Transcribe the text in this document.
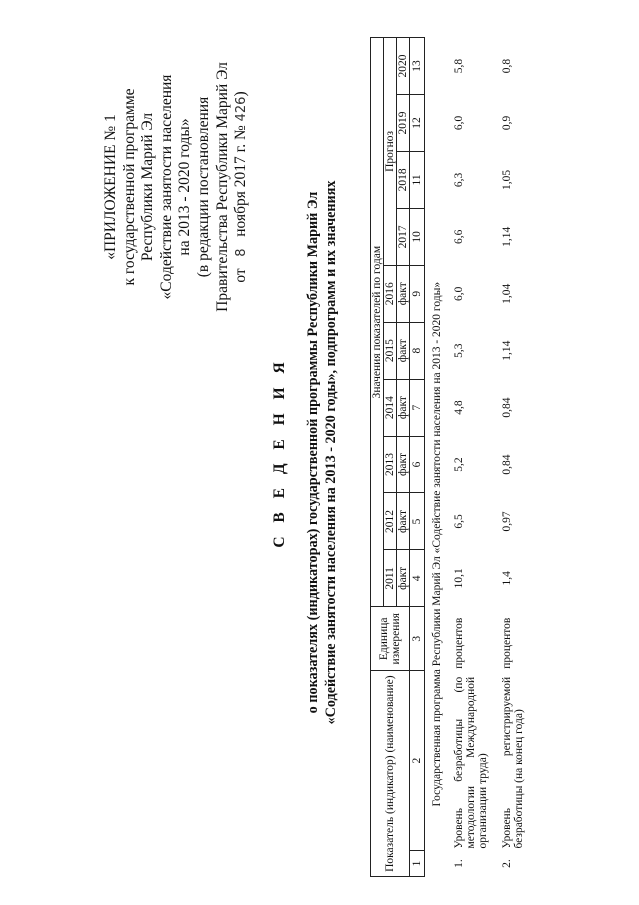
«ПРИЛОЖЕНИЕ № 1 к государственной программе Республики Марий Эл «Содействие занятости населения на 2013 - 2020 годы» (в редакции постановления Правительства Республики Марий Эл от   8   ноября 2017 г. № 426)
С В Е Д Е Н И Я о показателях (индикаторах) государственной программы Республики Марий Эл «Содействие занятости населения на 2013 - 2020 годы», подпрограмм и их значениях
Показатель (индикатор) (наименование)		Единица измерения	Значения показателей по годам									
			2011	2012	2013	2014	2015	2016	Прогноз			
									2017	2018	2019	2020
			факт	факт	факт	факт	факт	факт				
1	2	3	4	5	6	7	8	9	10	11	12	13
Государственная программа Республики Марий Эл «Содействие занятости населения на 2013 - 2020 годы»												
1.	Уровень безработицы (по методологии Международной организации труда)	процентов	10,1	6,5	5,2	4,8	5,3	6,0	6,6	6,3	6,0	5,8
2.	Уровень регистрируемой безработицы (на конец года)	процентов	1,4	0,97	0,84	0,84	1,14	1,04	1,14	1,05	0,9	0,8
